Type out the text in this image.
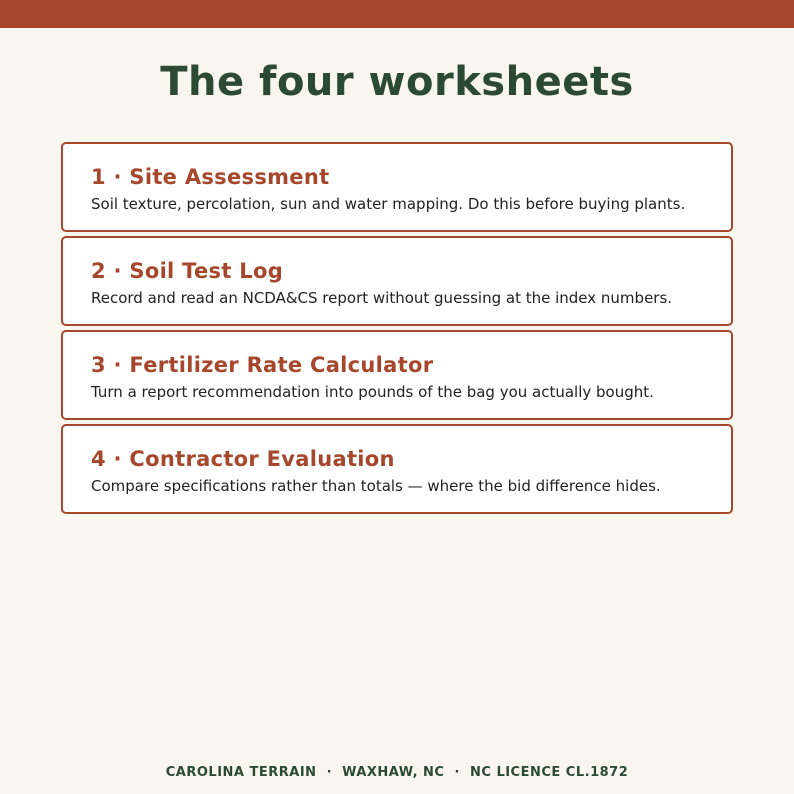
The four worksheets
1 · Site Assessment
Soil texture, percolation, sun and water mapping. Do this before buying plants.
2 · Soil Test Log
Record and read an NCDA&CS report without guessing at the index numbers.
3 · Fertilizer Rate Calculator
Turn a report recommendation into pounds of the bag you actually bought.
4 · Contractor Evaluation
Compare specifications rather than totals — where the bid difference hides.
CAROLINA TERRAIN  ·  WAXHAW, NC  ·  NC LICENCE CL.1872
